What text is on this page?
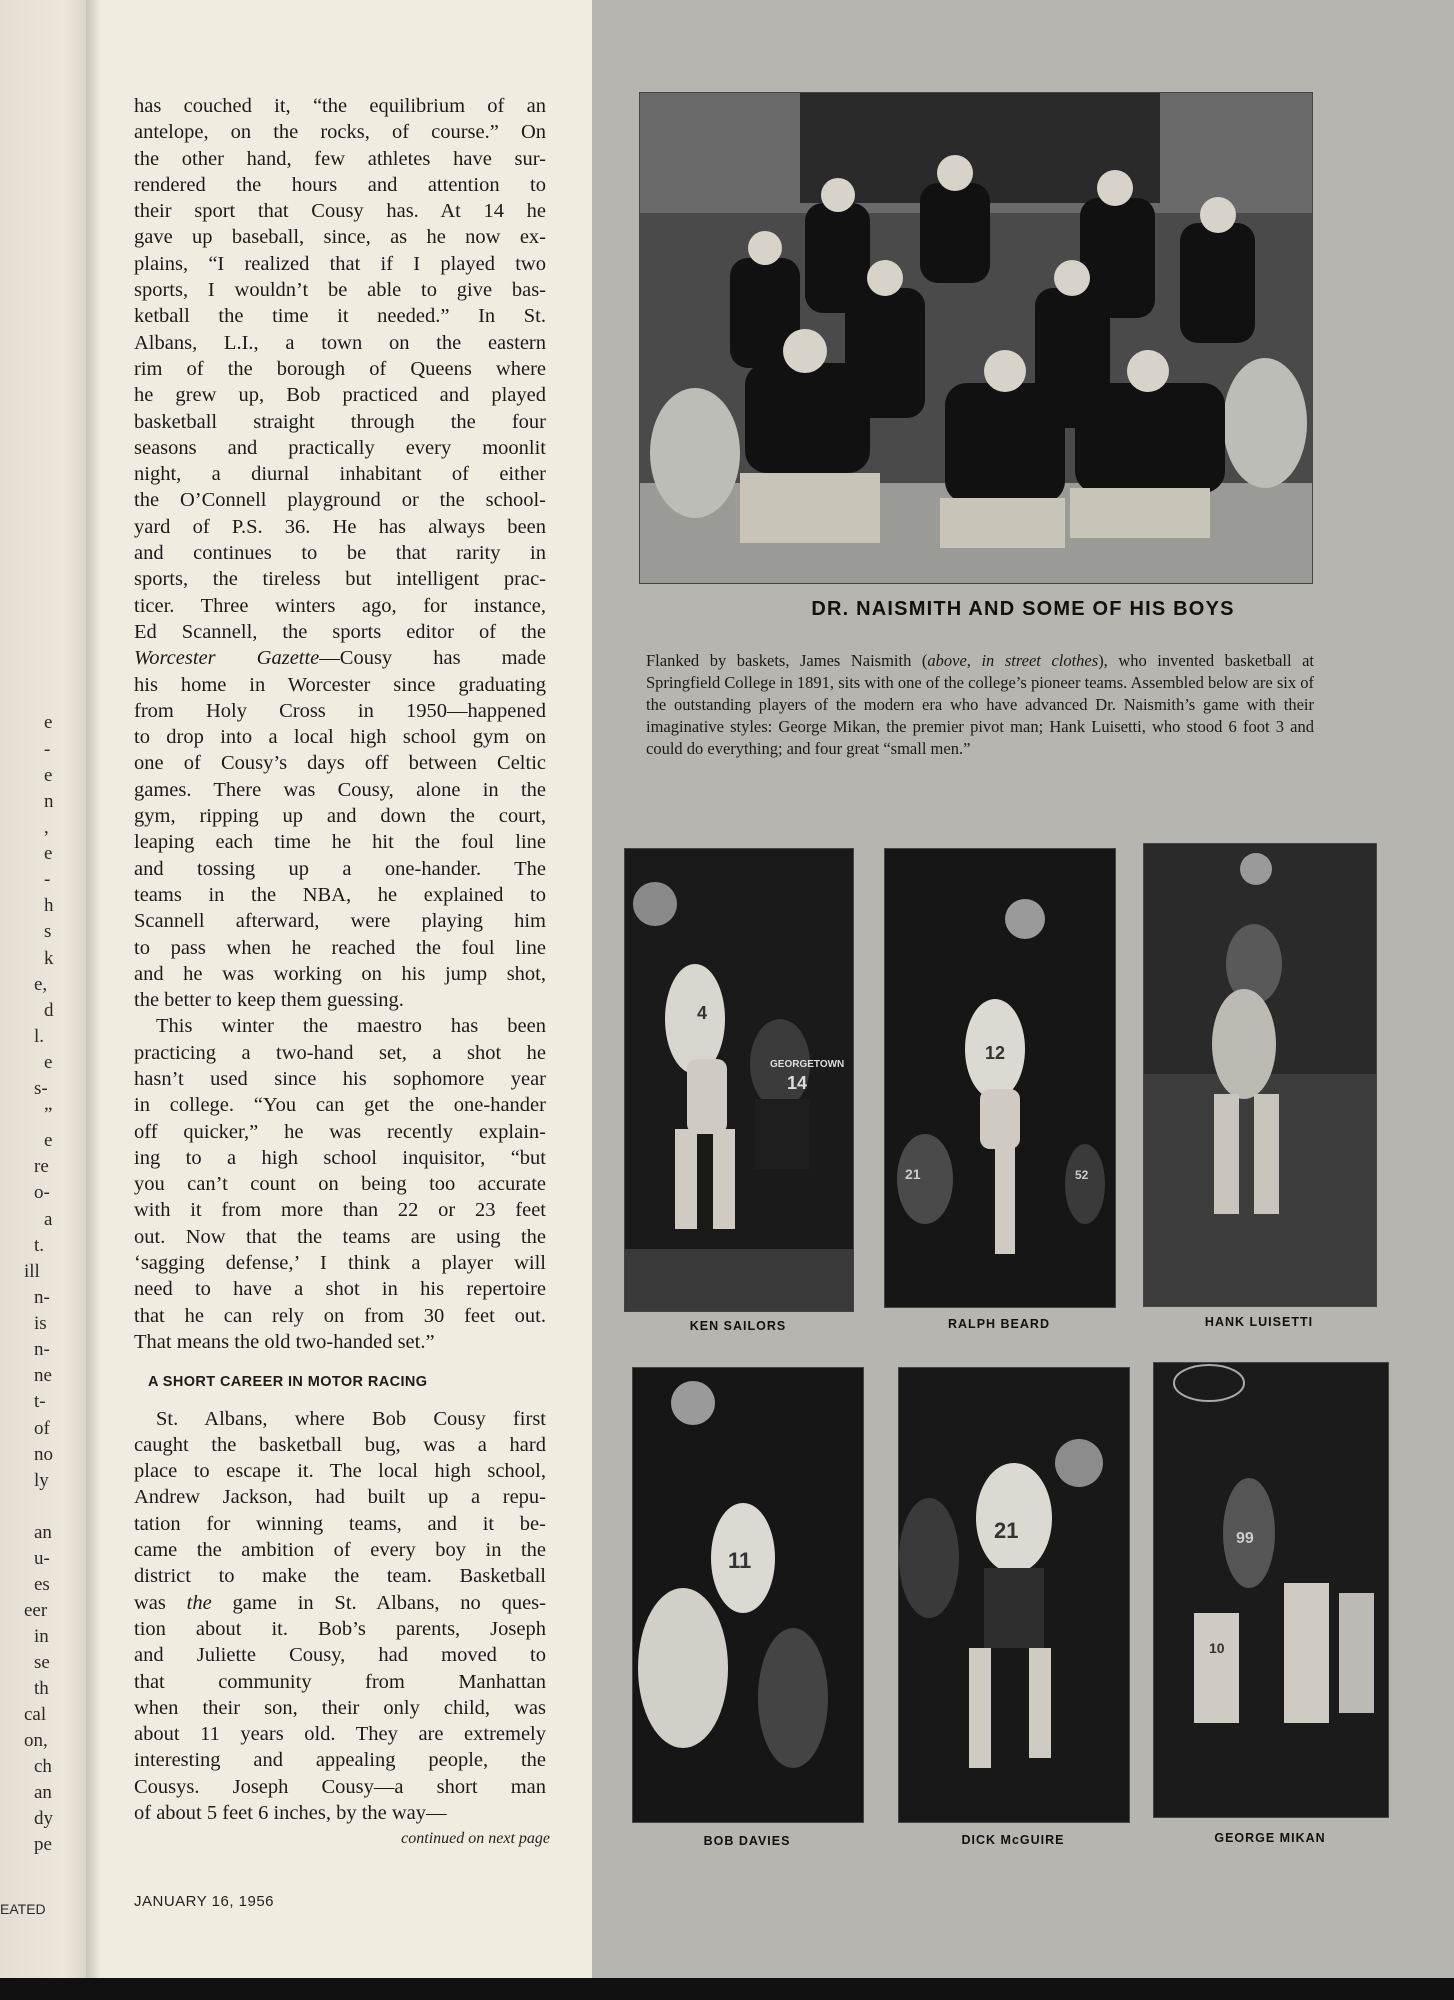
e
-
e
n
,
e
-
h
s
k
e,
d
l.
e
s-
”
e
re
o-
a
t.
ill
n-
is
n-
ne
t-
of
no
ly
an
u-
es
eer
in
se
th
cal
on,
ch
an
dy
pe
EATED
has couched it, “the equilibrium of an
antelope, on the rocks, of course.” On
the other hand, few athletes have sur-
rendered the hours and attention to
their sport that Cousy has. At 14 he
gave up baseball, since, as he now ex-
plains, “I realized that if I played two
sports, I wouldn’t be able to give bas-
ketball the time it needed.” In St.
Albans, L.I., a town on the eastern
rim of the borough of Queens where
he grew up, Bob practiced and played
basketball straight through the four
seasons and practically every moonlit
night, a diurnal inhabitant of either
the O’Connell playground or the school-
yard of P.S. 36. He has always been
and continues to be that rarity in
sports, the tireless but intelligent prac-
ticer. Three winters ago, for instance,
Ed Scannell, the sports editor of the
Worcester Gazette—Cousy has made
his home in Worcester since graduating
from Holy Cross in 1950—happened
to drop into a local high school gym on
one of Cousy’s days off between Celtic
games. There was Cousy, alone in the
gym, ripping up and down the court,
leaping each time he hit the foul line
and tossing up a one-hander. The
teams in the NBA, he explained to
Scannell afterward, were playing him
to pass when he reached the foul line
and he was working on his jump shot,
the better to keep them guessing.
This winter the maestro has been
practicing a two-hand set, a shot he
hasn’t used since his sophomore year
in college. “You can get the one-hander
off quicker,” he was recently explain-
ing to a high school inquisitor, “but
you can’t count on being too accurate
with it from more than 22 or 23 feet
out. Now that the teams are using the
‘sagging defense,’ I think a player will
need to have a shot in his repertoire
that he can rely on from 30 feet out.
That means the old two-handed set.”
A SHORT CAREER IN MOTOR RACING
St. Albans, where Bob Cousy first
caught the basketball bug, was a hard
place to escape it. The local high school,
Andrew Jackson, had built up a repu-
tation for winning teams, and it be-
came the ambition of every boy in the
district to make the team. Basketball
was the game in St. Albans, no ques-
tion about it. Bob’s parents, Joseph
and Juliette Cousy, had moved to
that community from Manhattan
when their son, their only child, was
about 11 years old. They are extremely
interesting and appealing people, the
Cousys. Joseph Cousy—a short man
of about 5 feet 6 inches, by the way—
continued on next page
JANUARY 16, 1956
DR. NAISMITH AND SOME OF HIS BOYS
Flanked by baskets, James Naismith (above, in street clothes), who invented basketball at Springfield College in 1891, sits with one of the college’s pioneer teams. Assembled below are six of the outstanding players of the modern era who have advanced Dr. Naismith’s game with their imaginative styles: George Mikan, the premier pivot man; Hank Luisetti, who stood 6 foot 3 and could do everything; and four great “small men.”
GEORGETOWN
14
4
12
21	52
11
21	99
10
KEN SAILORS	RALPH BEARD	HANK LUISETTI
BOB DAVIES	DICK McGUIRE	GEORGE MIKAN
